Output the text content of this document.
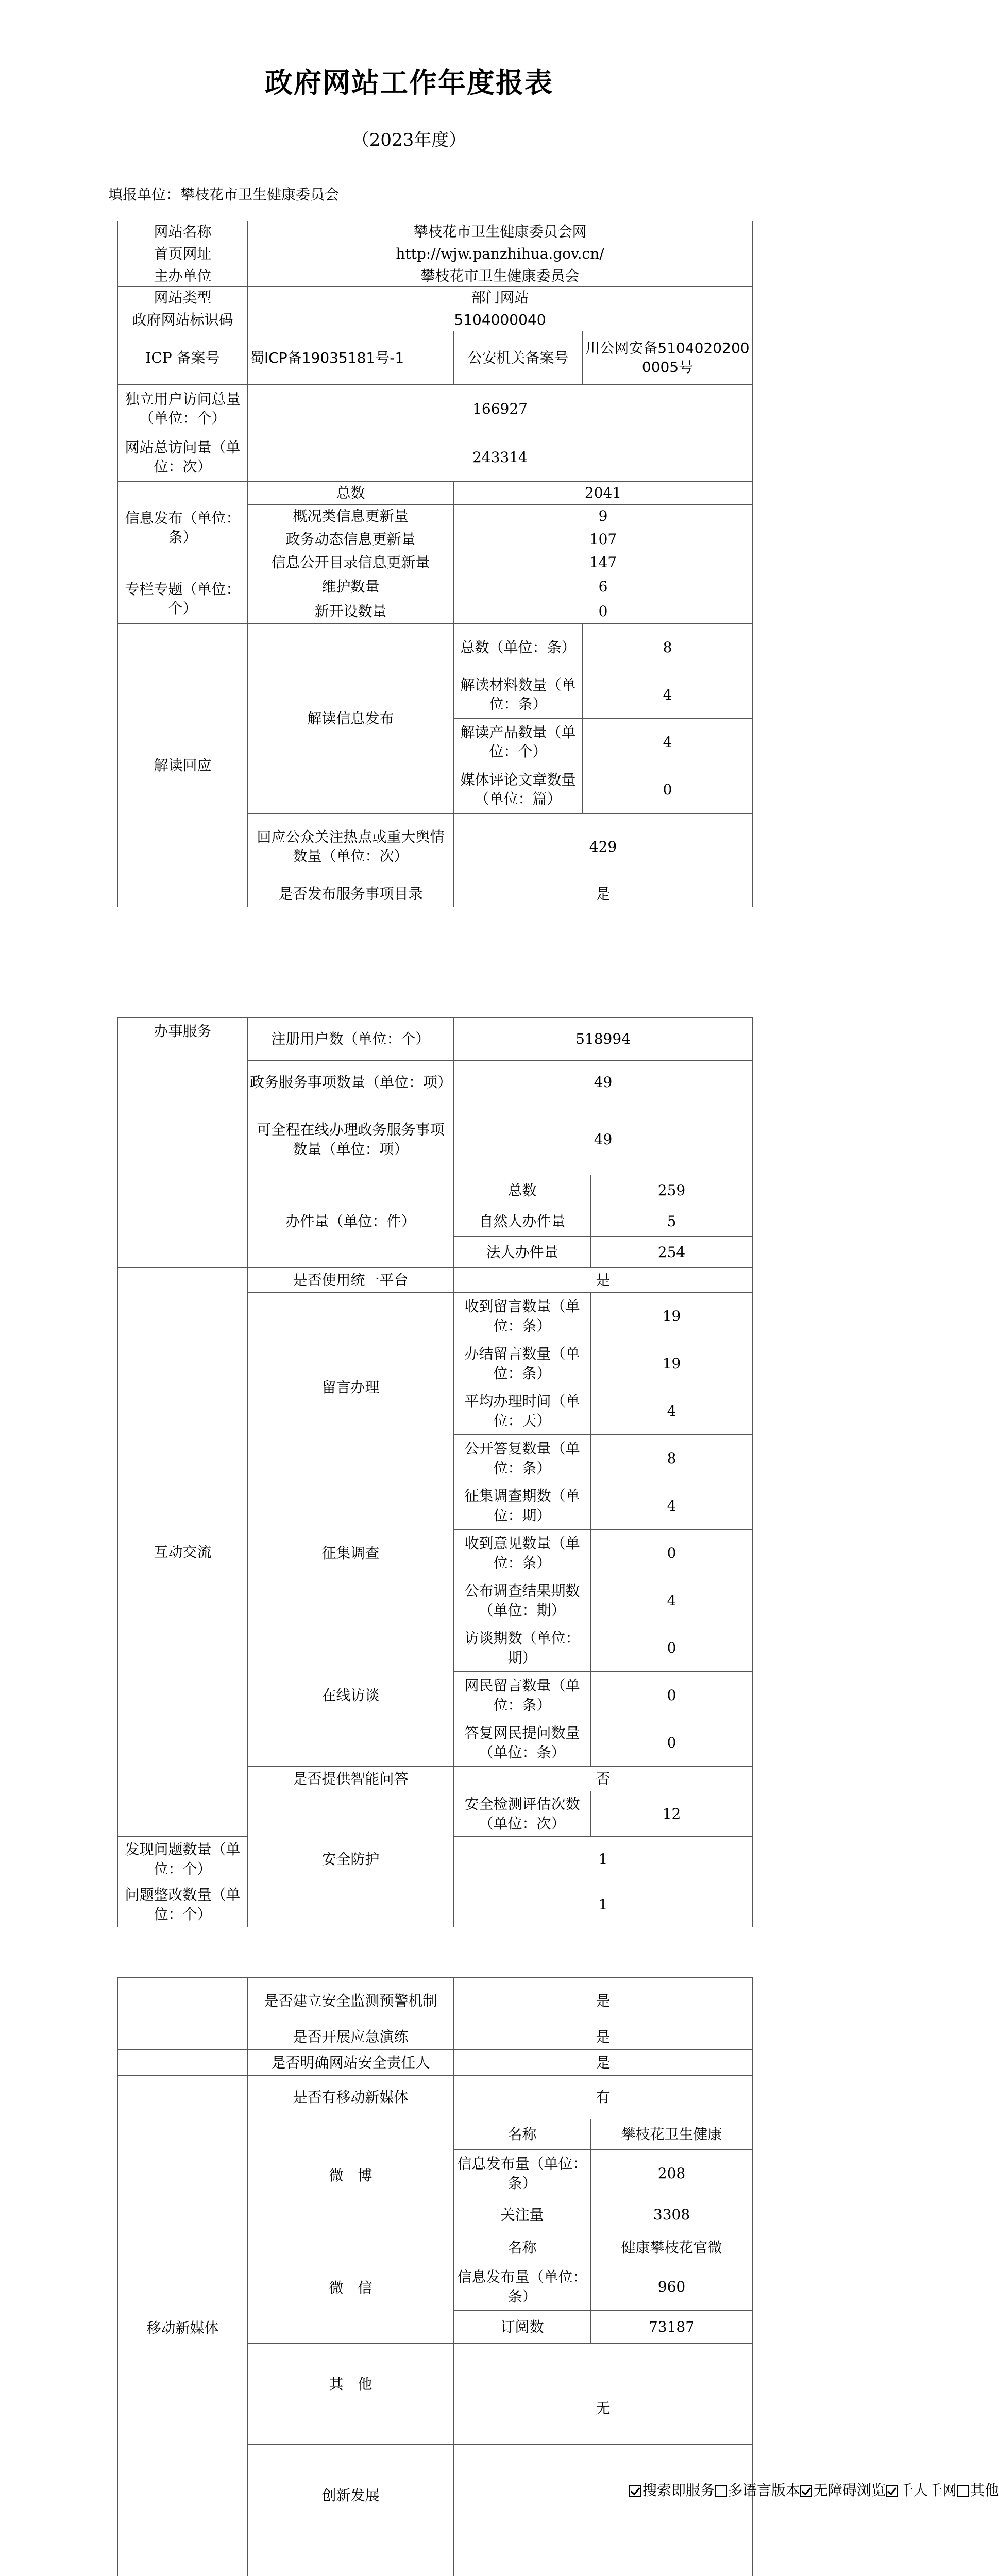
政府网站工作年度报表
（2023年度）
填报单位：攀枝花市卫生健康委员会
网站名称	攀枝花市卫生健康委员会网		
首页网址	http://wjw.panzhihua.gov.cn/		
主办单位	攀枝花市卫生健康委员会		
网站类型	部门网站		
政府网站标识码	5104000040		
ICP 备案号	蜀ICP备19035181号-1	公安机关备案号	川公网安备51040202000005号
独立用户访问总量（单位：个）	166927		
网站总访问量（单位：次）	243314		
信息发布（单位：条）	总数	2041	
	概况类信息更新量	9	
	政务动态信息更新量	107	
	信息公开目录信息更新量	147	
专栏专题（单位：个）	维护数量	6	
	新开设数量	0	
解读回应	解读信息发布	总数（单位：条）	8
		解读材料数量（单位：条）	4
		解读产品数量（单位：个）	4
		媒体评论文章数量（单位：篇）	0
	回应公众关注热点或重大舆情数量（单位：次）	429	
	是否发布服务事项目录	是	
办事服务	注册用户数（单位：个）	518994	
	政务服务事项数量（单位：项）	49	
	可全程在线办理政务服务事项数量（单位：项）	49	
	办件量（单位：件）	总数	259
		自然人办件量	5
		法人办件量	254
互动交流	是否使用统一平台	是	
	留言办理	收到留言数量（单位：条）	19
		办结留言数量（单位：条）	19
		平均办理时间（单位：天）	4
		公开答复数量（单位：条）	8
	征集调查	征集调查期数（单位：期）	4
		收到意见数量（单位：条）	0
		公布调查结果期数（单位：期）	4
	在线访谈	访谈期数（单位：期）	0
		网民留言数量（单位：条）	0
		答复网民提问数量（单位：条）	0
	是否提供智能问答	否	
	安全防护	安全检测评估次数（单位：次）	12
发现问题数量（单位：个）		1	
问题整改数量（单位：个）		1	
	是否建立安全监测预警机制	是	
	是否开展应急演练	是	
	是否明确网站安全责任人	是	
移动新媒体	是否有移动新媒体	有	
	微　博	名称	攀枝花卫生健康
		信息发布量（单位：条）	208
		关注量	3308
	微　信	名称	健康攀枝花官微
		信息发布量（单位：条）	960
		订阅数	73187
	其　他	无	
	创新发展	搜索即服务 多语言版本 无障碍浏览 千人千网 其他	
